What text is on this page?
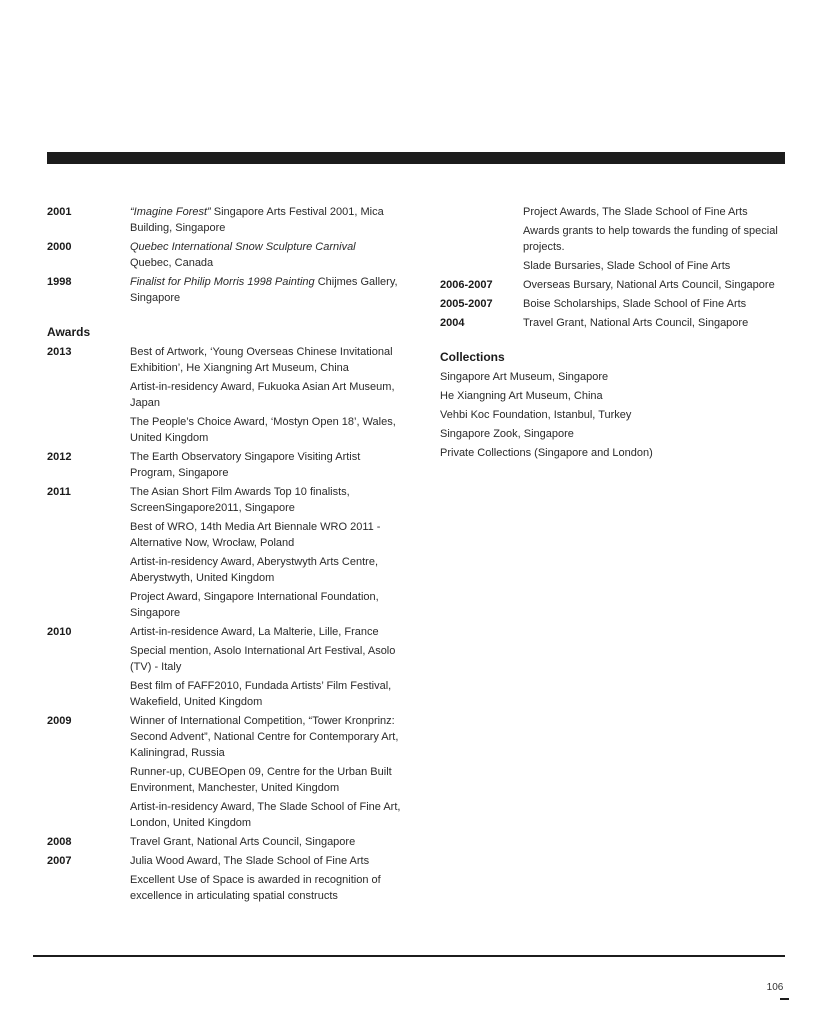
2001	“Imagine Forest” Singapore Arts Festival 2001, Mica Building, Singapore

2000	Quebec International Snow Sculpture Carnival
Quebec, Canada

1998	Finalist for Philip Morris 1998 Painting Chijmes Gallery, Singapore

Awards
2013	Best of Artwork, ‘Young Overseas Chinese Invitational Exhibition’, He Xiangning Art Museum, China

Artist-in-residency Award, Fukuoka Asian Art Museum, Japan

The People’s Choice Award, ‘Mostyn Open 18’, Wales, United Kingdom

2012	The Earth Observatory Singapore Visiting Artist Program, Singapore

2011	The Asian Short Film Awards Top 10 finalists, ScreenSingapore2011, Singapore

Best of WRO, 14th Media Art Biennale WRO 2011 - Alternative Now, Wrocław, Poland

Artist-in-residency Award, Aberystwyth Arts Centre, Aberystwyth, United Kingdom

Project Award, Singapore International Foundation, Singapore

2010	Artist-in-residence Award, La Malterie, Lille, France

Special mention, Asolo International Art Festival, Asolo (TV) - Italy

Best film of FAFF2010, Fundada Artists’ Film Festival, Wakefield, United Kingdom

2009	Winner of International Competition, “Tower Kronprinz: Second Advent”, National Centre for Contemporary Art, Kaliningrad, Russia

Runner-up, CUBEOpen 09, Centre for the Urban Built Environment, Manchester, United Kingdom

Artist-in-residency Award, The Slade School of Fine Art, London, United Kingdom

2008	Travel Grant, National Arts Council, Singapore

2007	Julia Wood Award, The Slade School of Fine Arts

Excellent Use of Space is awarded in recognition of excellence in articulating spatial constructs

Project Awards, The Slade School of Fine Arts

Awards grants to help towards the funding of special projects.

Slade Bursaries, Slade School of Fine Arts

2006-2007	Overseas Bursary, National Arts Council, Singapore

2005-2007	Boise Scholarships, Slade School of Fine Arts

2004	Travel Grant, National Arts Council, Singapore

Collections

Singapore Art Museum, Singapore

He Xiangning Art Museum, China

Vehbi Koc Foundation, Istanbul, Turkey

Singapore Zook, Singapore

Private Collections (Singapore and London)

106
